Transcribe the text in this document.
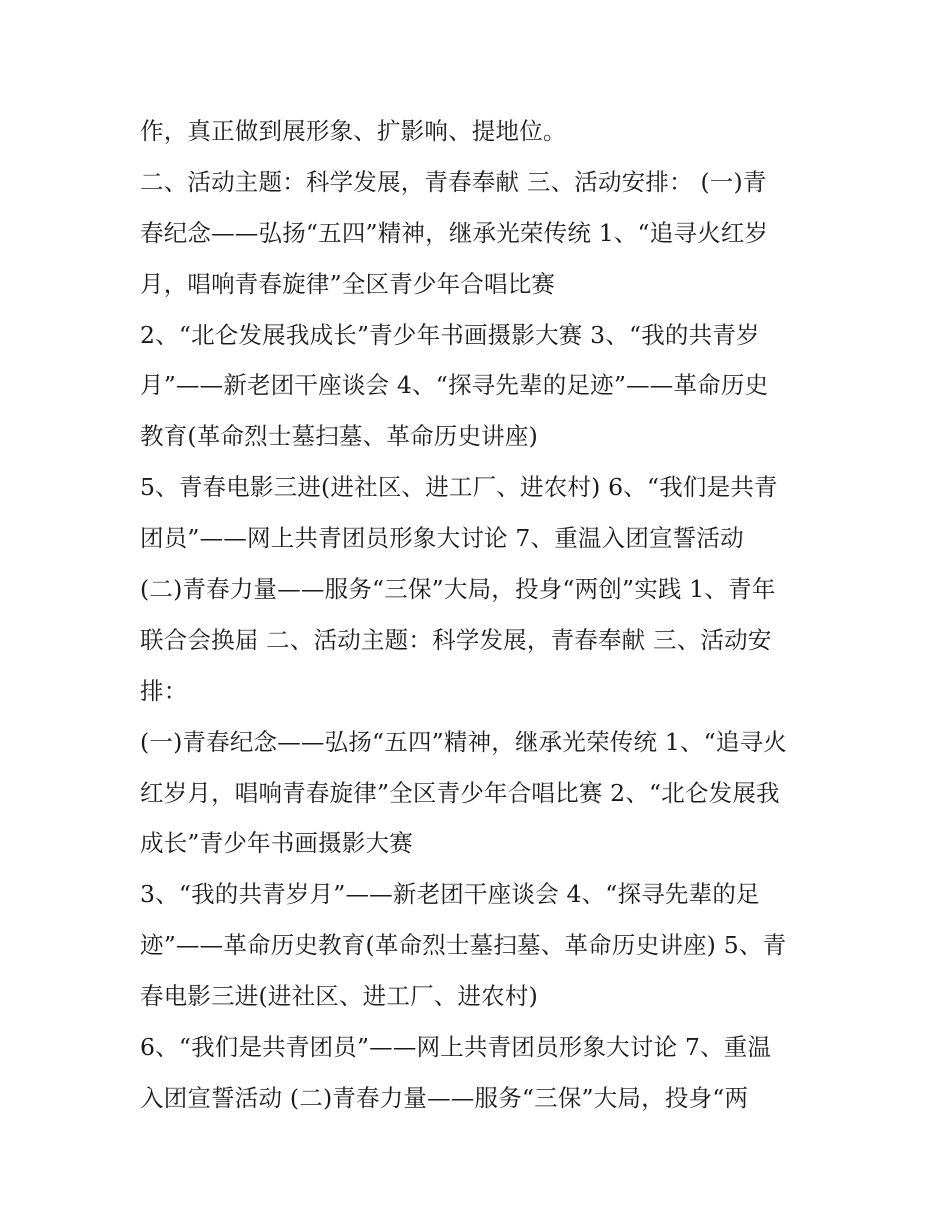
作，真正做到展形象、扩影响、提地位。
二、活动主题：科学发展，青春奉献 三、活动安排： (一)青
春纪念——弘扬“五四”精神，继承光荣传统 1、“追寻火红岁
月，唱响青春旋律”全区青少年合唱比赛
2、“北仑发展我成长”青少年书画摄影大赛 3、“我的共青岁
月”——新老团干座谈会 4、“探寻先辈的足迹”——革命历史
教育(革命烈士墓扫墓、革命历史讲座)
5、青春电影三进(进社区、进工厂、进农村) 6、“我们是共青
团员”——网上共青团员形象大讨论 7、重温入团宣誓活动
(二)青春力量——服务“三保”大局，投身“两创”实践 1、青年
联合会换届 二、活动主题：科学发展，青春奉献 三、活动安
排：
(一)青春纪念——弘扬“五四”精神，继承光荣传统 1、“追寻火
红岁月，唱响青春旋律”全区青少年合唱比赛 2、“北仑发展我
成长”青少年书画摄影大赛
3、“我的共青岁月”——新老团干座谈会 4、“探寻先辈的足
迹”——革命历史教育(革命烈士墓扫墓、革命历史讲座) 5、青
春电影三进(进社区、进工厂、进农村)
6、“我们是共青团员”——网上共青团员形象大讨论 7、重温
入团宣誓活动 (二)青春力量——服务“三保”大局，投身“两
